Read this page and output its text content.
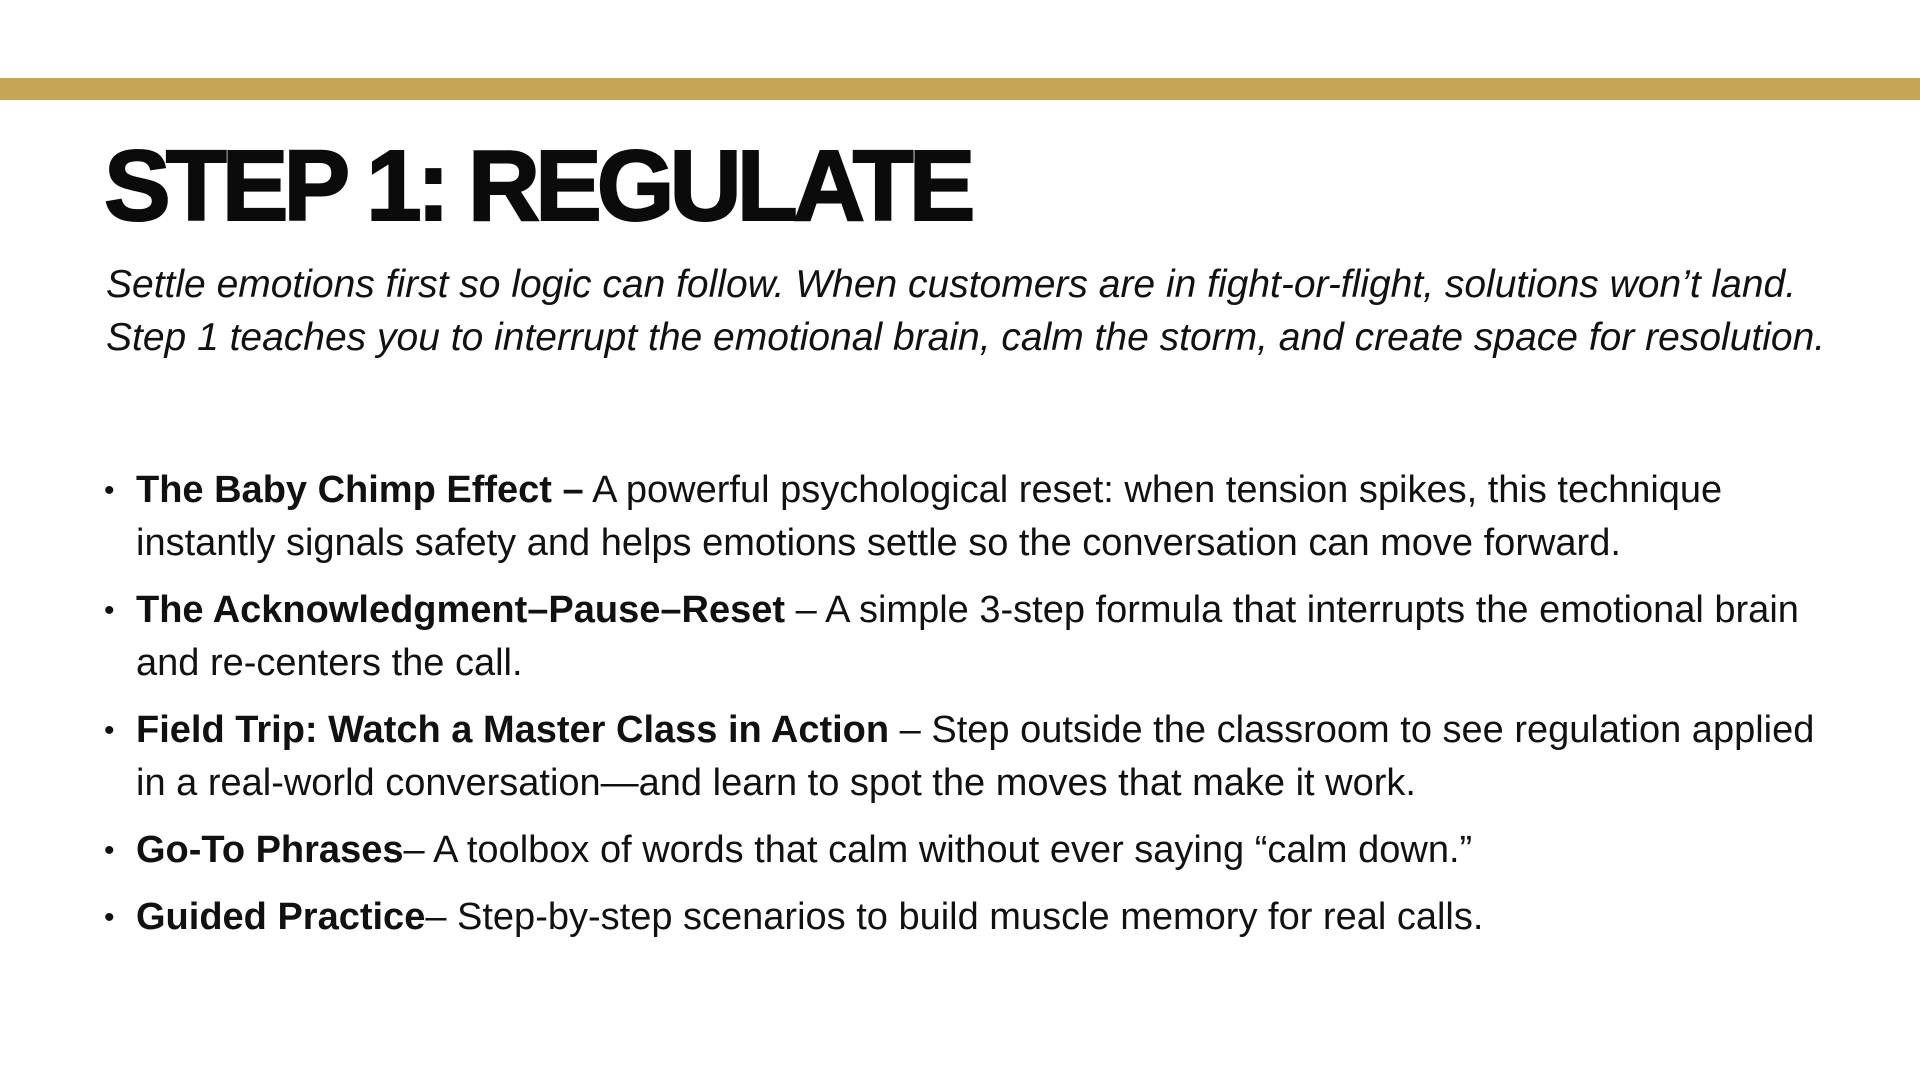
STEP 1: REGULATE

Settle emotions first so logic can follow. When customers are in fight-or-flight, solutions won’t land. Step 1 teaches you to interrupt the emotional brain, calm the storm, and create space for resolution.

• The Baby Chimp Effect – A powerful psychological reset: when tension spikes, this technique instantly signals safety and helps emotions settle so the conversation can move forward.
• The Acknowledgment–Pause–Reset – A simple 3-step formula that interrupts the emotional brain and re-centers the call.
• Field Trip: Watch a Master Class in Action – Step outside the classroom to see regulation applied in a real-world conversation—and learn to spot the moves that make it work.
• Go-To Phrases– A toolbox of words that calm without ever saying “calm down.”
• Guided Practice– Step-by-step scenarios to build muscle memory for real calls.
